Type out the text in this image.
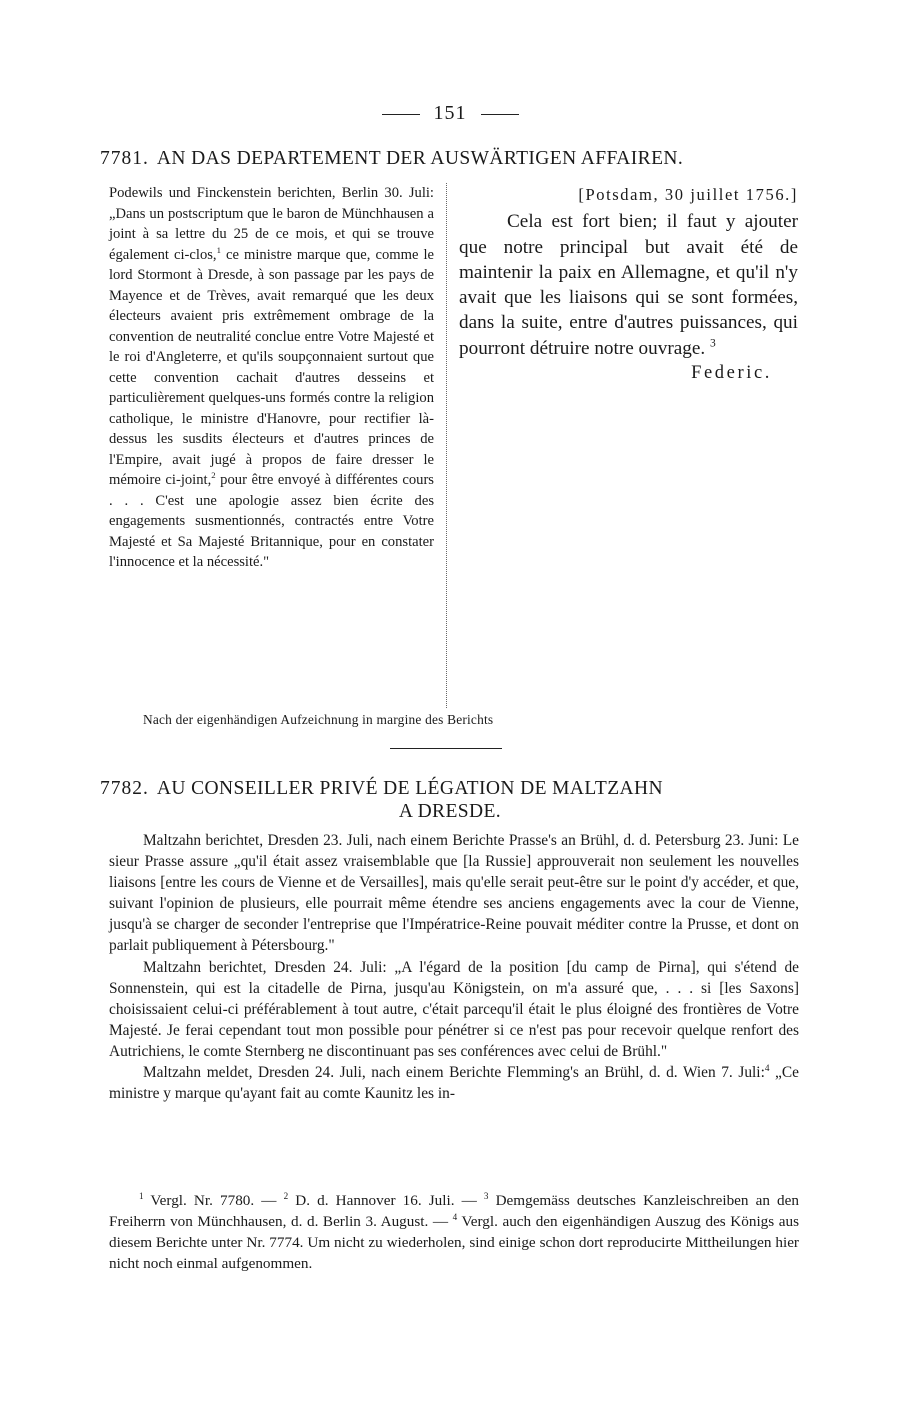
151
7781. AN DAS DEPARTEMENT DER AUSWÄRTIGEN AFFAIREN.

Podewils und Finckenstein berichten, Berlin 30. Juli: „Dans un postscriptum que le baron de Münchhausen a joint à sa lettre du 25 de ce mois, et qui se trouve également ci-clos,$^1$ ce ministre marque que, comme le lord Stormont à Dresde, à son passage par les pays de Mayence et de Trèves, avait remarqué que les deux électeurs avaient pris extrêmement ombrage de la convention de neutralité conclue entre Votre Majesté et le roi d'Angleterre, et qu'ils soupçonnaient surtout que cette convention cachait d'autres desseins et particulièrement quelques-uns formés contre la religion catholique, le ministre d'Hanovre, pour rectifier là-dessus les susdits électeurs et d'autres princes de l'Empire, avait jugé à propos de faire dresser le mémoire ci-joint,$^2$ pour être envoyé à différentes cours . . . C'est une apologie assez bien écrite des engagements susmentionnés, contractés entre Votre Majesté et Sa Majesté Britannique, pour en constater l'innocence et la nécessité."

[Potsdam, 30 juillet 1756.]

Cela est fort bien; il faut y ajouter que notre principal but avait été de maintenir la paix en Allemagne, et qu'il n'y avait que les liaisons qui se sont formées, dans la suite, entre d'autres puissances, qui pourront détruire notre ouvrage. $^3$

Federic.
Nach der eigenhändigen Aufzeichnung in margine des Berichts
7782. AU CONSEILLER PRIVÉ DE LÉGATION DE MALTZAHN
A DRESDE.

Maltzahn berichtet, Dresden 23. Juli, nach einem Berichte Prasse's an Brühl, d. d. Petersburg 23. Juni: Le sieur Prasse assure „qu'il était assez vraisemblable que [la Russie] approuverait non seulement les nouvelles liaisons [entre les cours de Vienne et de Versailles], mais qu'elle serait peut-être sur le point d'y accéder, et que, suivant l'opinion de plusieurs, elle pourrait même étendre ses anciens engagements avec la cour de Vienne, jusqu'à se charger de seconder l'entreprise que l'Impératrice-Reine pouvait méditer contre la Prusse, et dont on parlait publiquement à Pétersbourg."

Maltzahn berichtet, Dresden 24. Juli: „A l'égard de la position [du camp de Pirna], qui s'étend de Sonnenstein, qui est la citadelle de Pirna, jusqu'au Königstein, on m'a assuré que, . . . si [les Saxons] choisissaient celui-ci préférablement à tout autre, c'était parcequ'il était le plus éloigné des frontières de Votre Majesté. Je ferai cependant tout mon possible pour pénétrer si ce n'est pas pour recevoir quelque renfort des Autrichiens, le comte Sternberg ne discontinuant pas ses conférences avec celui de Brühl."

Maltzahn meldet, Dresden 24. Juli, nach einem Berichte Flemming's an Brühl, d. d. Wien 7. Juli:$^4$ „Ce ministre y marque qu'ayant fait au comte Kaunitz les in-

$^1$ Vergl. Nr. 7780. — $^2$ D. d. Hannover 16. Juli. — $^3$ Demgemäss deutsches Kanzleischreiben an den Freiherrn von Münchhausen, d. d. Berlin 3. August. — $^4$ Vergl. auch den eigenhändigen Auszug des Königs aus diesem Berichte unter Nr. 7774. Um nicht zu wiederholen, sind einige schon dort reproducirte Mittheilungen hier nicht noch einmal aufgenommen.
